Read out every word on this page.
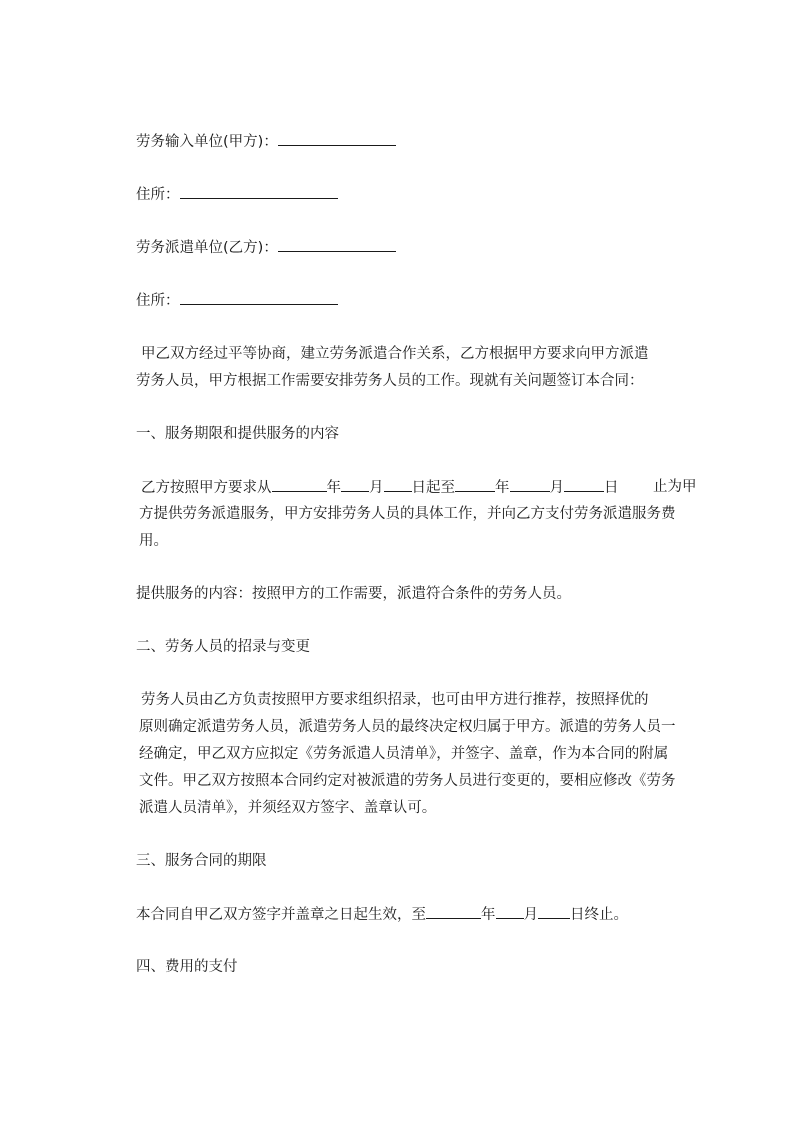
劳务输入单位(甲方)：
住所：
劳务派遣单位(乙方)：
住所：
甲乙双方经过平等协商，建立劳务派遣合作关系，乙方根据甲方要求向甲方派遣
劳务人员，甲方根据工作需要安排劳务人员的工作。现就有关问题签订本合同：
一、服务期限和提供服务的内容
乙方按照甲方要求从	年 月 日起至	年	月	日 止为甲
方提供劳务派遣服务，甲方安排劳务人员的具体工作，并向乙方支付劳务派遣服务费
用。
提供服务的内容：按照甲方的工作需要，派遣符合条件的劳务人员。
二、劳务人员的招录与变更
劳务人员由乙方负责按照甲方要求组织招录，也可由甲方进行推荐，按照择优的
原则确定派遣劳务人员，派遣劳务人员的最终决定权归属于甲方。派遣的劳务人员一
经确定，甲乙双方应拟定《劳务派遣人员清单》，并签字、盖章，作为本合同的附属
文件。甲乙双方按照本合同约定对被派遣的劳务人员进行变更的，要相应修改《劳务
派遣人员清单》，并须经双方签字、盖章认可。
三、服务合同的期限
本合同自甲乙双方签字并盖章之日起生效，至	年 月 日终止。
四、费用的支付
